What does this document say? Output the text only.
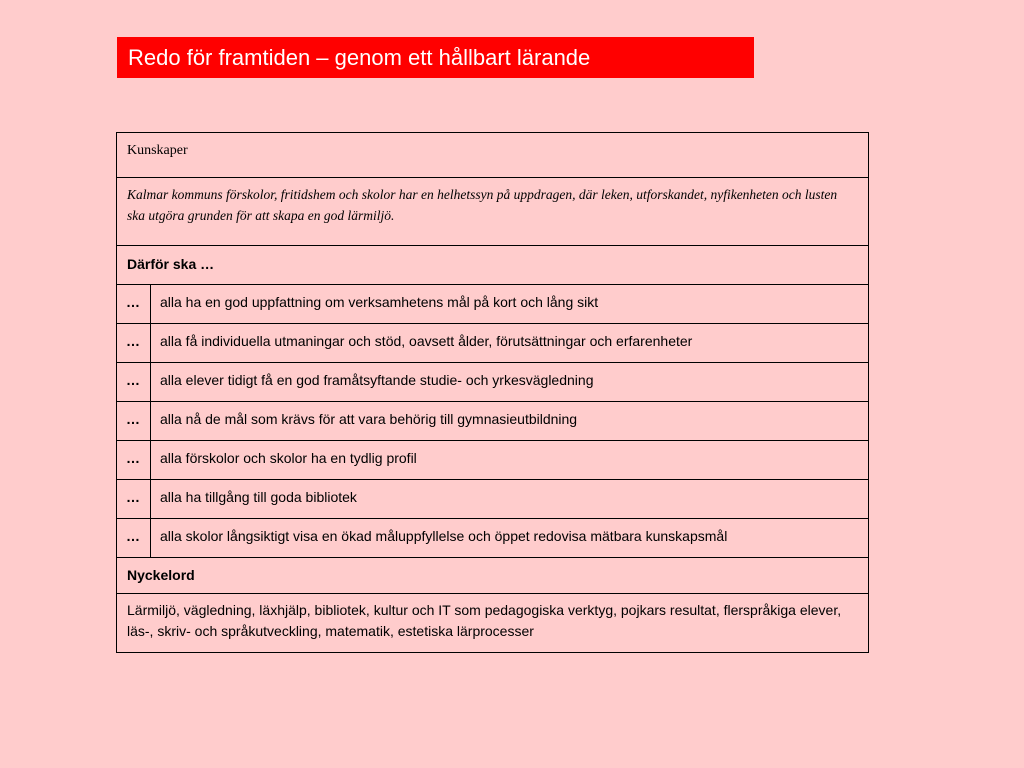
Redo för framtiden – genom ett hållbart lärande
Kunskaper	
Kalmar kommuns förskolor, fritidshem och skolor har en helhetssyn på uppdragen, där leken, utforskandet, nyfikenheten och lusten ska utgöra grunden för att skapa en god lärmiljö.	
Därför ska …	
…	alla ha en god uppfattning om verksamhetens mål på kort och lång sikt
…	alla få individuella utmaningar och stöd, oavsett ålder, förutsättningar och erfarenheter
…	alla elever tidigt få en god framåtsyftande studie- och yrkesvägledning
…	alla nå de mål som krävs för att vara behörig till gymnasieutbildning
…	alla förskolor och skolor ha en tydlig profil
…	alla ha tillgång till goda bibliotek
…	alla skolor långsiktigt visa en ökad måluppfyllelse och öppet redovisa mätbara kunskapsmål
Nyckelord	
Lärmiljö, vägledning, läxhjälp, bibliotek, kultur och IT som pedagogiska verktyg, pojkars resultat, flerspråkiga elever, läs-, skriv- och språkutveckling, matematik, estetiska lärprocesser	
